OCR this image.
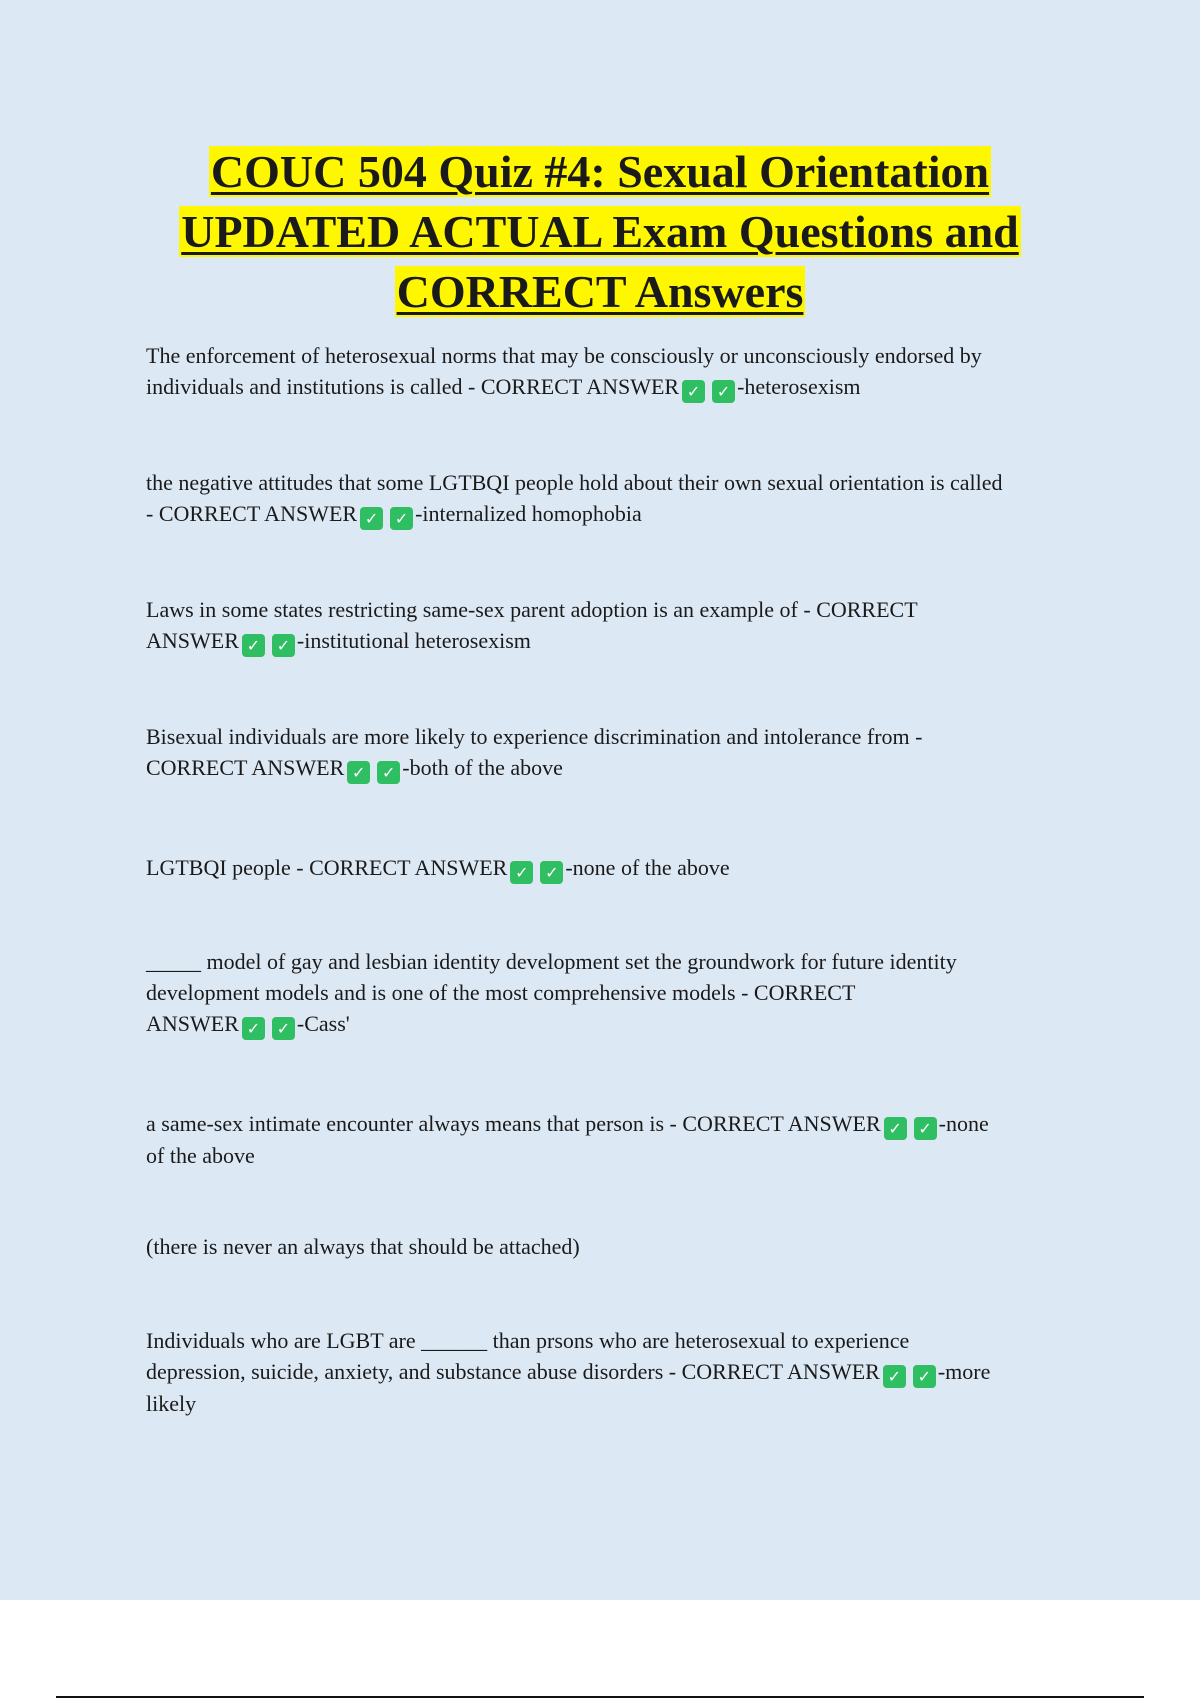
COUC 504 Quiz #4: Sexual Orientation
UPDATED ACTUAL Exam Questions and
CORRECT Answers

The enforcement of heterosexual norms that may be consciously or unconsciously endorsed by
individuals and institutions is called - CORRECT ANSWER ✓ ✓ -heterosexism

the negative attitudes that some LGTBQI people hold about their own sexual orientation is called
- CORRECT ANSWER ✓ ✓ -internalized homophobia

Laws in some states restricting same-sex parent adoption is an example of - CORRECT
ANSWER ✓ ✓ -institutional heterosexism

Bisexual individuals are more likely to experience discrimination and intolerance from -
CORRECT ANSWER ✓ ✓ -both of the above

LGTBQI people - CORRECT ANSWER ✓ ✓ -none of the above

_____ model of gay and lesbian identity development set the groundwork for future identity
development models and is one of the most comprehensive models - CORRECT
ANSWER ✓ ✓ -Cass'

a same-sex intimate encounter always means that person is - CORRECT ANSWER ✓ ✓ -none
of the above

(there is never an always that should be attached)

Individuals who are LGBT are ______ than prsons who are heterosexual to experience
depression, suicide, anxiety, and substance abuse disorders - CORRECT ANSWER ✓ ✓ -more
likely
